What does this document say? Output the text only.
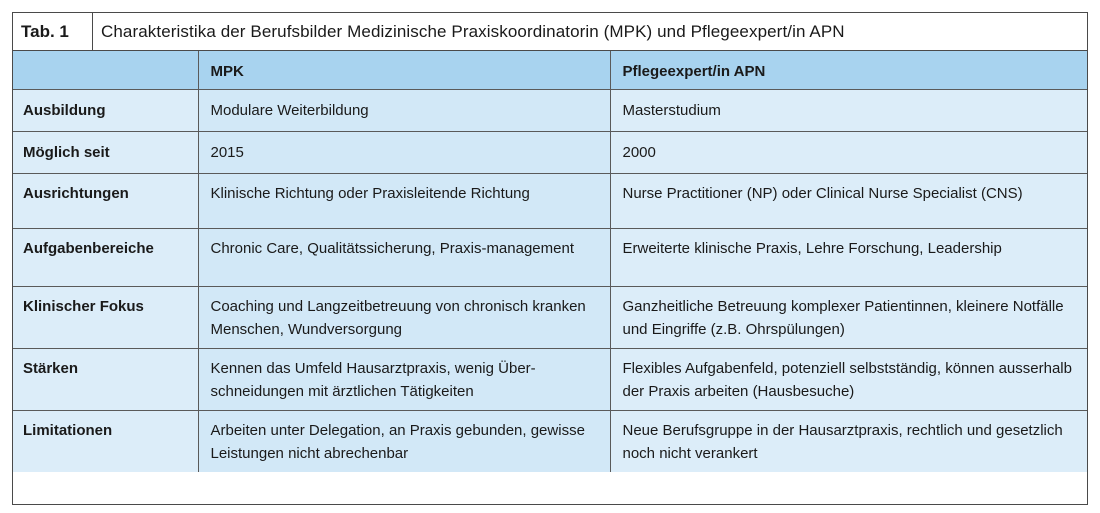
Tab. 1	Charakteristika der Berufsbilder Medizinische Praxiskoordinatorin (MPK) und Pflegeexpert/in APN
	MPK	Pflegeexpert/in APN
Ausbildung	Modulare Weiterbildung	Masterstudium
Möglich seit	2015	2000
Ausrichtungen	Klinische Richtung oder Praxisleitende Richtung	Nurse Practitioner (NP) oder Clinical Nurse Specialist (CNS)
Aufgabenbereiche	Chronic Care, Qualitätssicherung, Praxis-management	Erweiterte klinische Praxis, Lehre Forschung, Leadership
Klinischer Fokus	Coaching und Langzeitbetreuung von chronisch kranken Menschen, Wundversorgung	Ganzheitliche Betreuung komplexer Patientinnen, kleinere Notfälle und Eingriffe (z.B. Ohrspülungen)
Stärken	Kennen das Umfeld Hausarztpraxis, wenig Über-schneidungen mit ärztlichen Tätigkeiten	Flexibles Aufgabenfeld, potenziell selbstständig, können ausserhalb der Praxis arbeiten (Hausbesuche)
Limitationen	Arbeiten unter Delegation, an Praxis gebunden, gewisse Leistungen nicht abrechenbar	Neue Berufsgruppe in der Hausarztpraxis, rechtlich und gesetzlich noch nicht verankert
